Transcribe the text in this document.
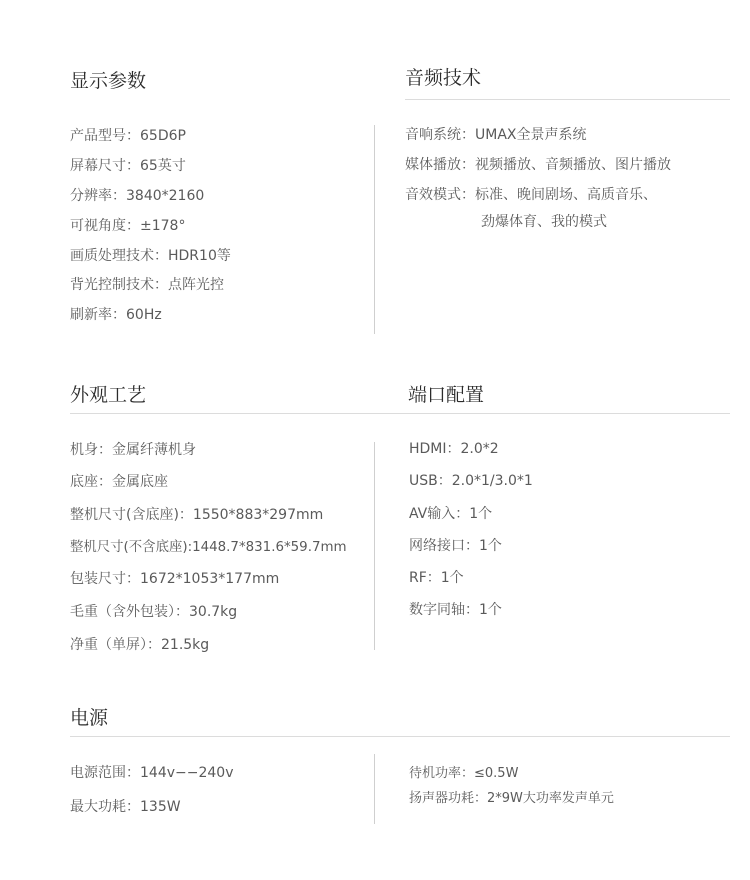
显示参数	音频技术
产品型号：65D6P
屏幕尺寸：65英寸
分辨率：3840*2160
可视角度：±178°
画质处理技术：HDR10等
背光控制技术：点阵光控
刷新率：60Hz
音响系统：UMAX全景声系统
媒体播放：视频播放、音频播放、图片播放
音效模式：标准、晚间剧场、高质音乐、
劲爆体育、我的模式
外观工艺	端口配置
机身：金属纤薄机身
底座：金属底座
整机尺寸(含底座)：1550*883*297mm
整机尺寸(不含底座):1448.7*831.6*59.7mm
包装尺寸：1672*1053*177mm
毛重（含外包装）：30.7kg
净重（单屏）：21.5kg
HDMI：2.0*2
USB：2.0*1/3.0*1
AV输入：1个
网络接口：1个
RF：1个
数字同轴：1个
电源
电源范围：144v−−240v
最大功耗：135W
待机功率：≤0.5W
扬声器功耗：2*9W大功率发声单元
